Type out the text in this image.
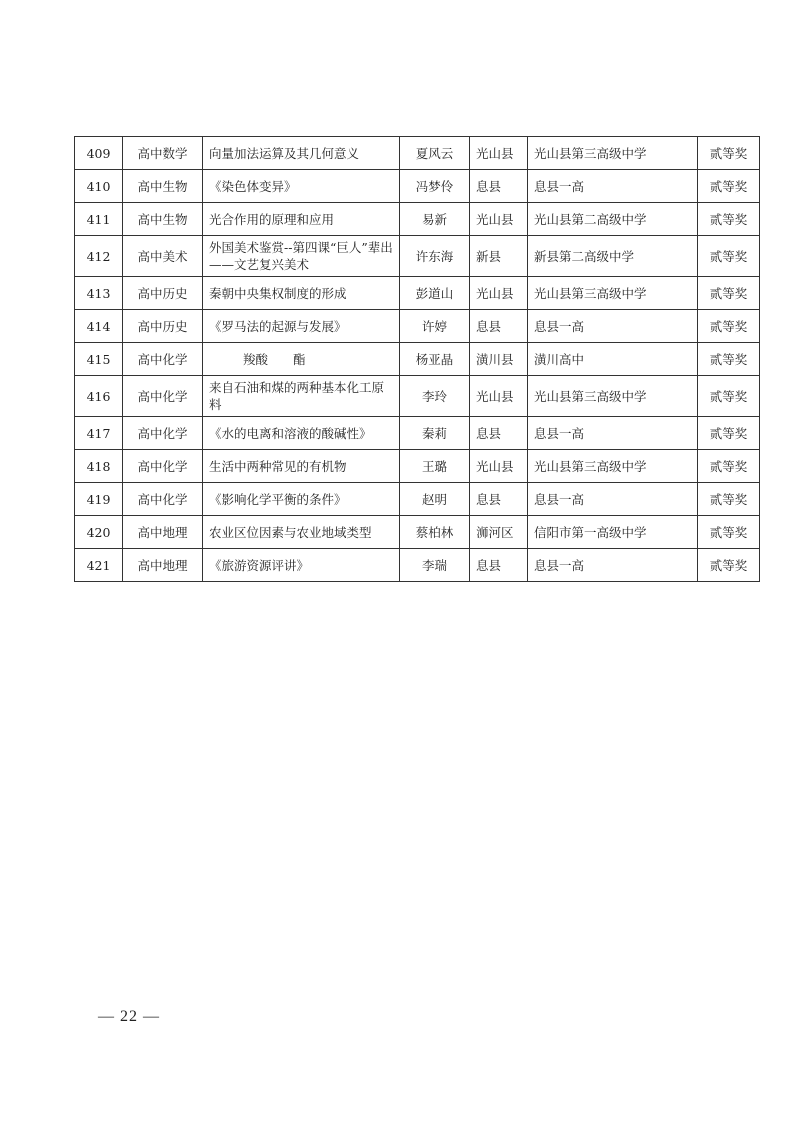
409	高中数学	向量加法运算及其几何意义	夏风云	光山县	光山县第三高级中学	贰等奖
410	高中生物	《染色体变异》	冯梦伶	息县	息县一高	贰等奖
411	高中生物	光合作用的原理和应用	易新	光山县	光山县第二高级中学	贰等奖
412	高中美术	外国美术鉴赏--第四课“巨人”辈出——文艺复兴美术	许东海	新县	新县第二高级中学	贰等奖
413	高中历史	秦朝中央集权制度的形成	彭道山	光山县	光山县第三高级中学	贰等奖
414	高中历史	《罗马法的起源与发展》	许婷	息县	息县一高	贰等奖
415	高中化学	羧酸　　酯	杨亚晶	潢川县	潢川高中	贰等奖
416	高中化学	来自石油和煤的两种基本化工原料	李玲	光山县	光山县第三高级中学	贰等奖
417	高中化学	《水的电离和溶液的酸碱性》	秦莉	息县	息县一高	贰等奖
418	高中化学	生活中两种常见的有机物	王璐	光山县	光山县第三高级中学	贰等奖
419	高中化学	《影响化学平衡的条件》	赵明	息县	息县一高	贰等奖
420	高中地理	农业区位因素与农业地域类型	蔡柏林	浉河区	信阳市第一高级中学	贰等奖
421	高中地理	《旅游资源评讲》	李瑞	息县	息县一高	贰等奖
— 22 —
